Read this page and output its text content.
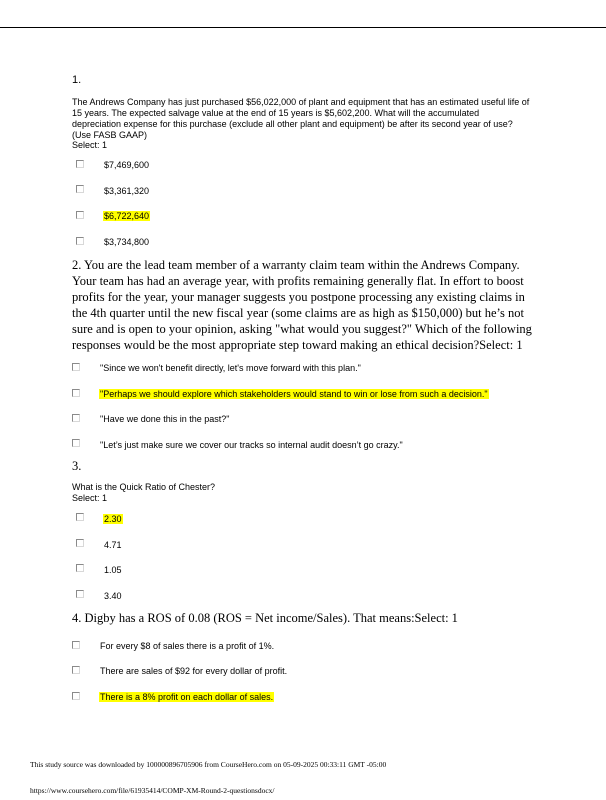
1.
The Andrews Company has just purchased $56,022,000 of plant and equipment that has an estimated useful life of 15 years. The expected salvage value at the end of 15 years is $5,602,200. What will the accumulated depreciation expense for this purchase (exclude all other plant and equipment) be after its second year of use? (Use FASB GAAP)
Select: 1
$7,469,600
$3,361,320
$6,722,640
$3,734,800
2. You are the lead team member of a warranty claim team within the Andrews Company. Your team has had an average year, with profits remaining generally flat. In effort to boost profits for the year, your manager suggests you postpone processing any existing claims in the 4th quarter until the new fiscal year (some claims are as high as $150,000) but he’s not sure and is open to your opinion, asking "what would you suggest?" Which of the following responses would be the most appropriate step toward making an ethical decision?Select: 1
"Since we won't benefit directly, let's move forward with this plan."
"Perhaps we should explore which stakeholders would stand to win or lose from such a decision."
"Have we done this in the past?"
"Let’s just make sure we cover our tracks so internal audit doesn’t go crazy."
3.
What is the Quick Ratio of Chester?
Select: 1
2.30
4.71
1.05
3.40
4. Digby has a ROS of 0.08 (ROS = Net income/Sales). That means:Select: 1
For every $8 of sales there is a profit of 1%.
There are sales of $92 for every dollar of profit.
There is a 8% profit on each dollar of sales.
This study source was downloaded by 100000896705906 from CourseHero.com on 05-09-2025 00:33:11 GMT -05:00
https://www.coursehero.com/file/61935414/COMP-XM-Round-2-questionsdocx/
